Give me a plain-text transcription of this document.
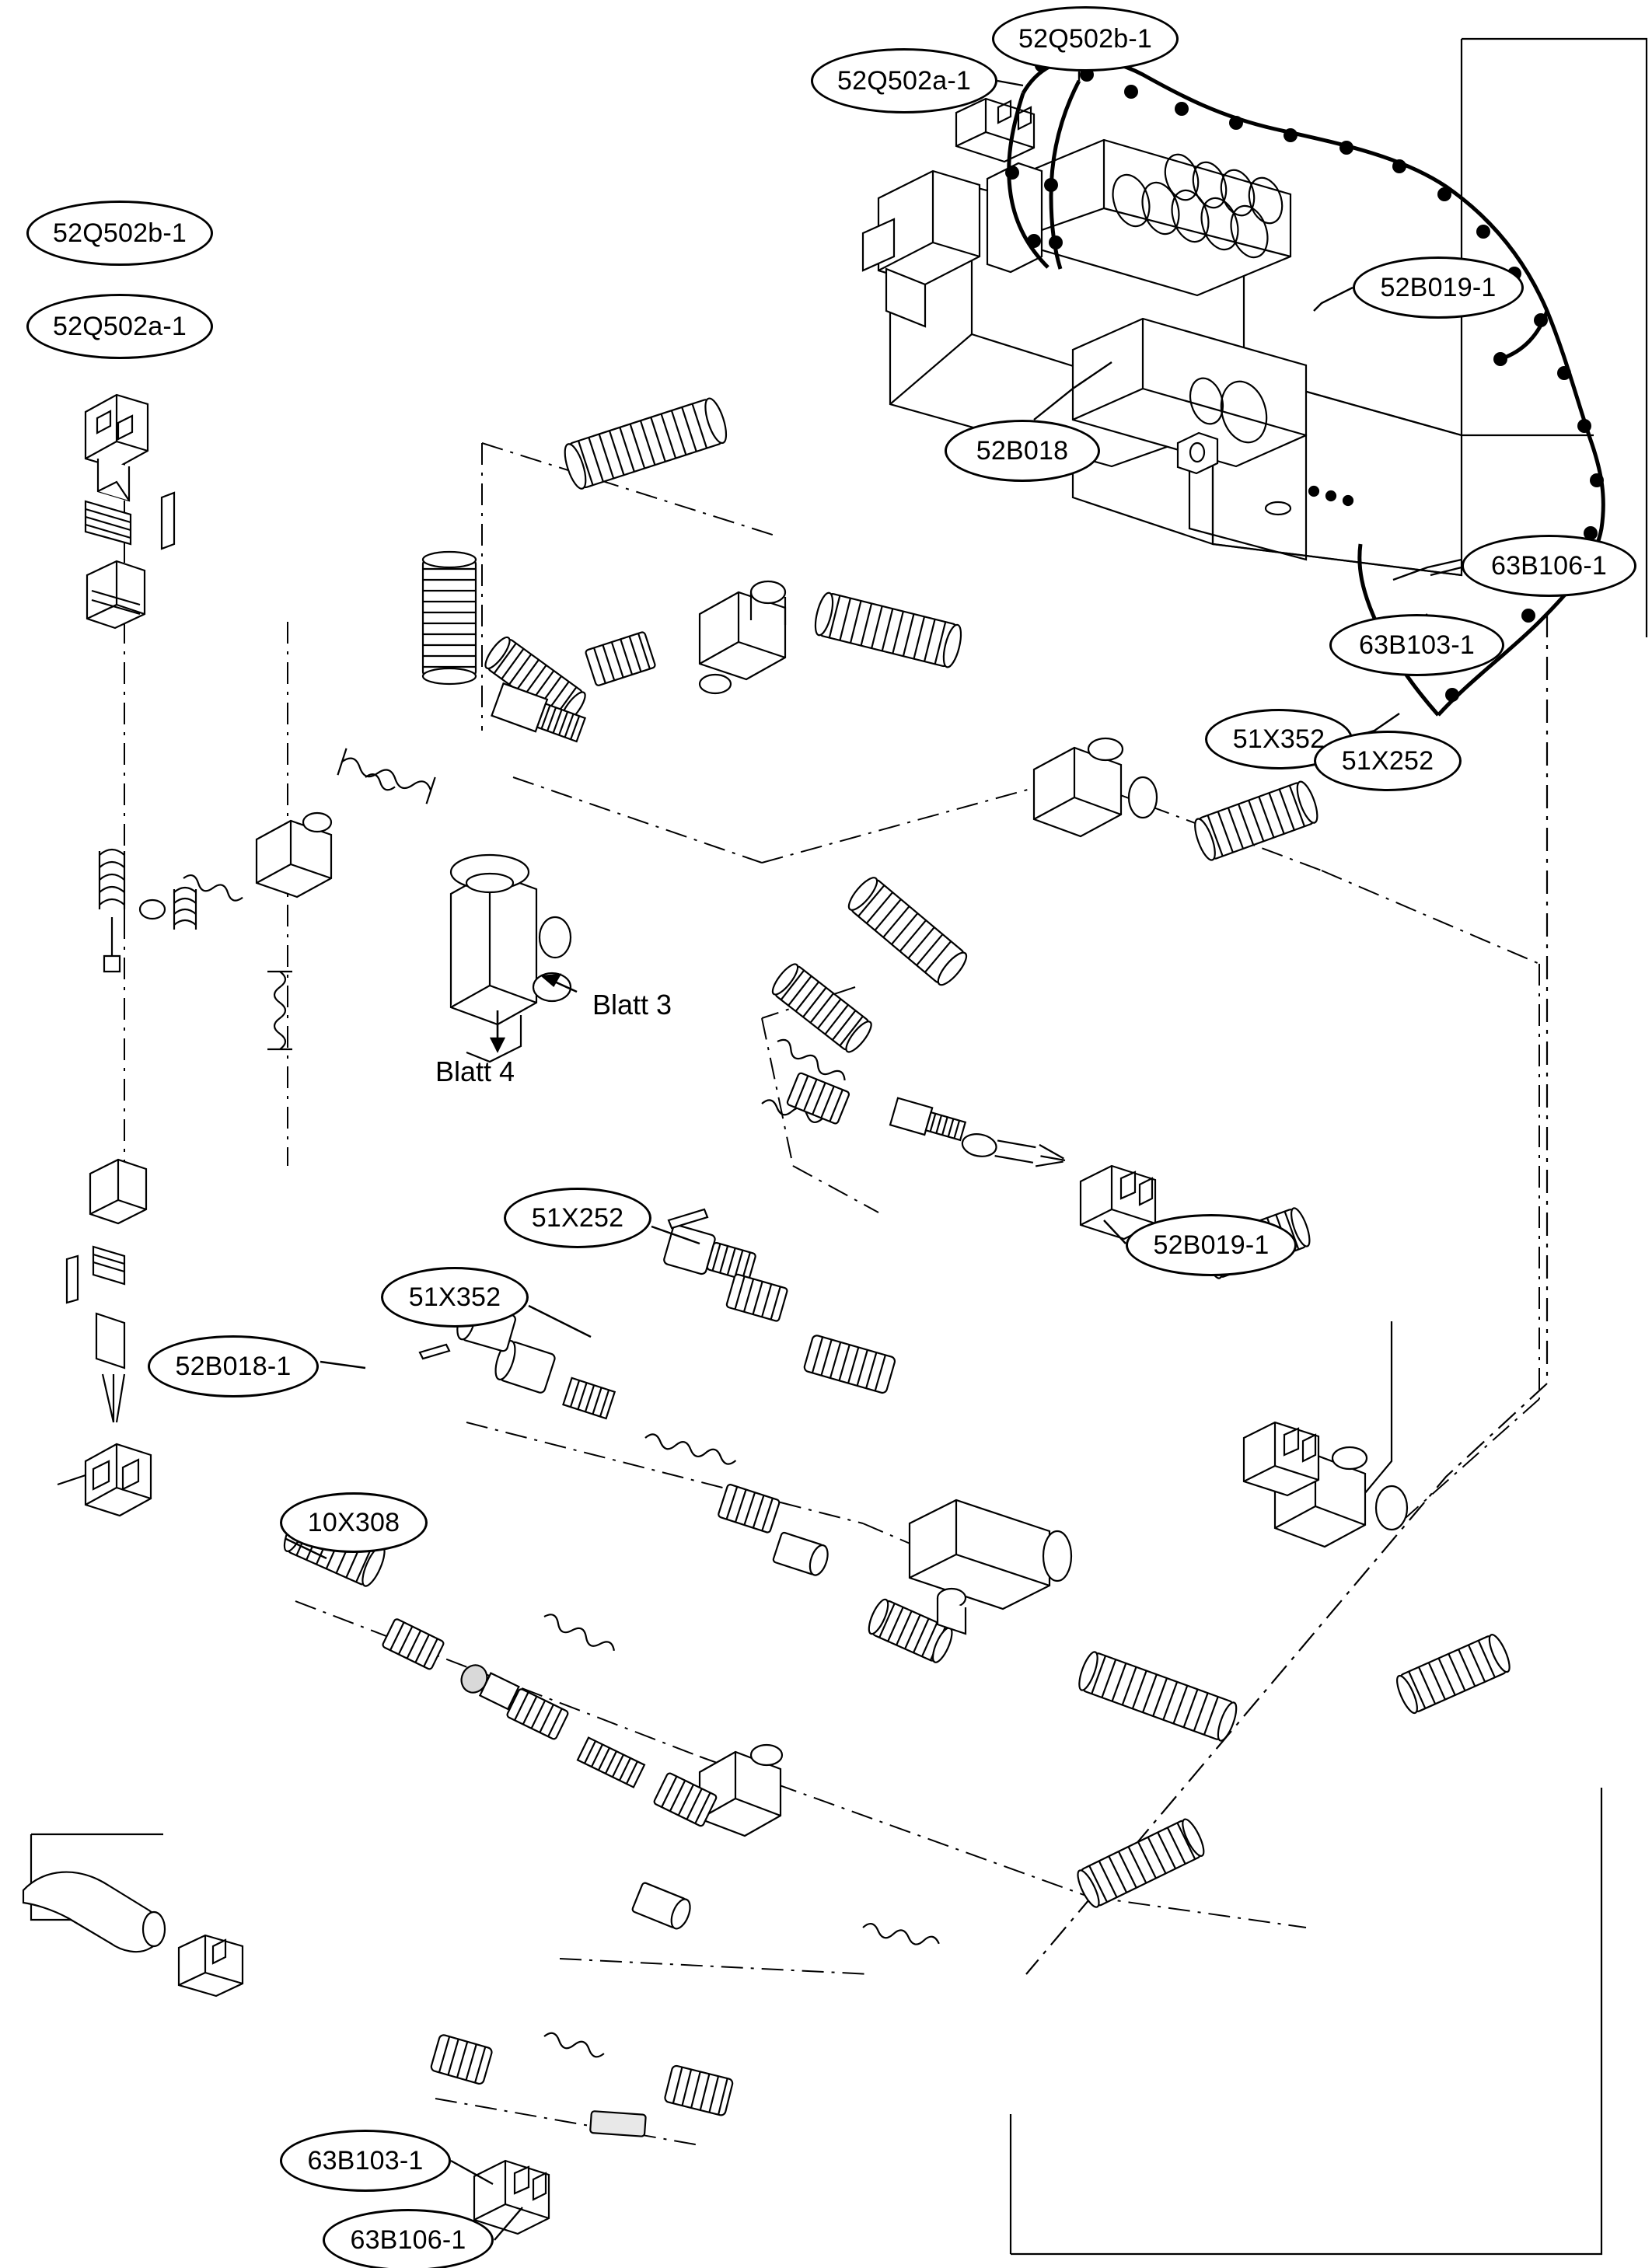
52Q502a-1
52Q502b-1
52B019-1
52B018
52Q502b-1
52Q502a-1
63B106-1
63B103-1
51X352
51X252
51X252
51X352
52B019-1
52B018-1
10X308
63B103-1
63B106-1
Blatt 3
Blatt 4
